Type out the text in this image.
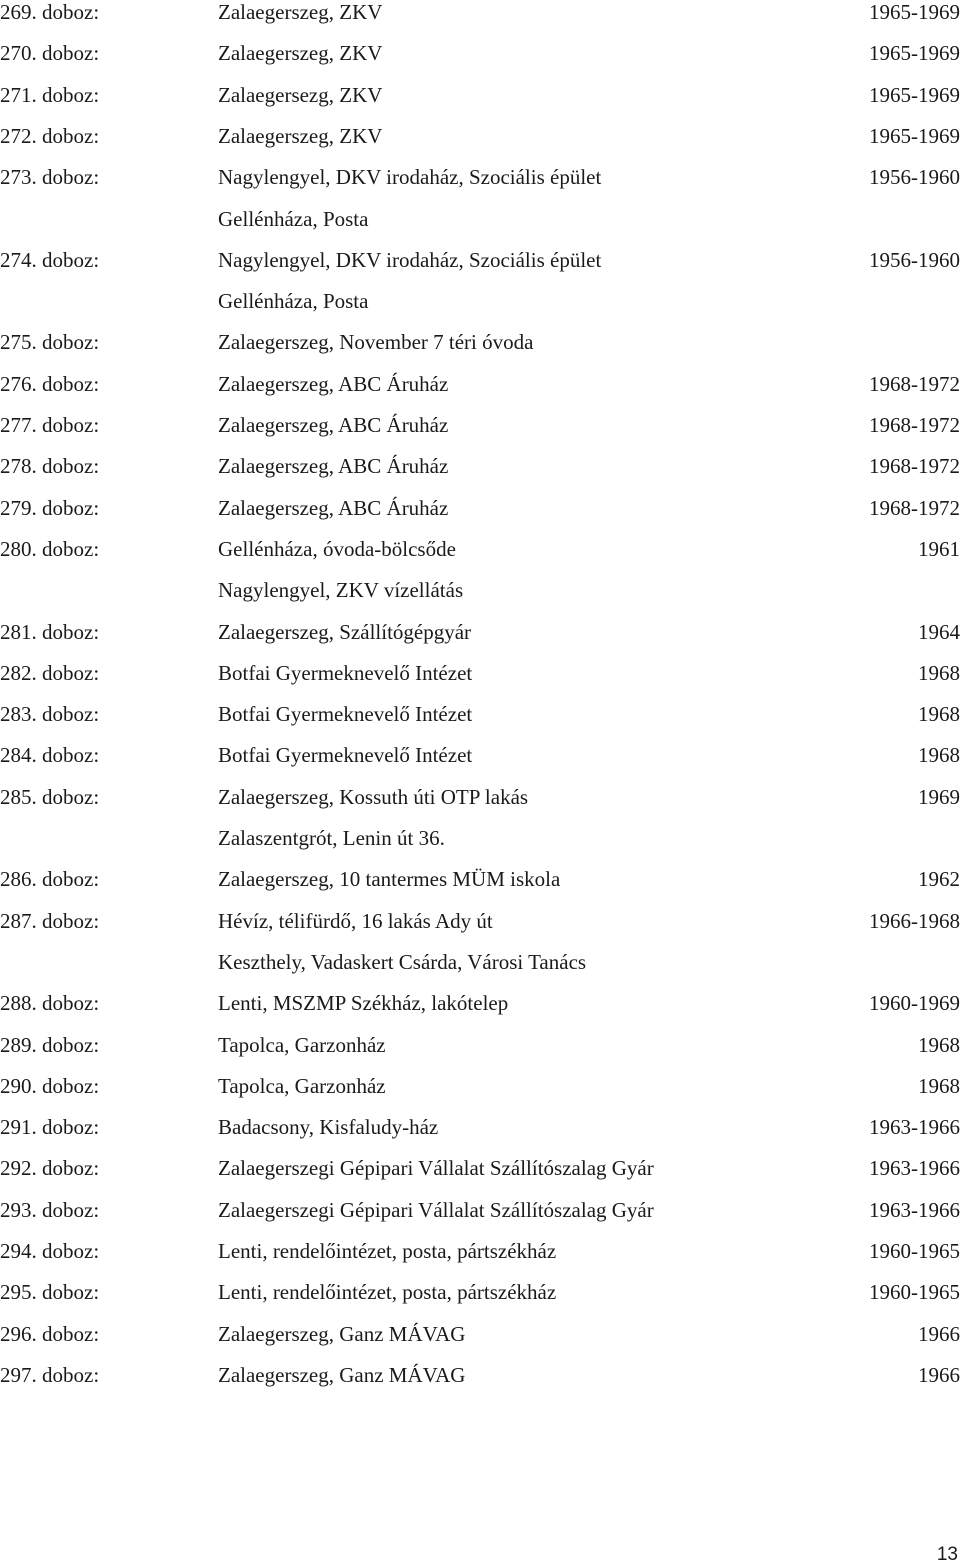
269. doboz:	Zalaegerszeg, ZKV	1965-1969
270. doboz:	Zalaegerszeg, ZKV	1965-1969
271. doboz:	Zalaegersezg, ZKV	1965-1969
272. doboz:	Zalaegerszeg, ZKV	1965-1969
273. doboz:	Nagylengyel, DKV irodaház, Szociális épület	1956-1960
Gellénháza, Posta
274. doboz:	Nagylengyel, DKV irodaház, Szociális épület	1956-1960
Gellénháza, Posta
275. doboz:	Zalaegerszeg, November 7 téri óvoda
276. doboz:	Zalaegerszeg, ABC Áruház	1968-1972
277. doboz:	Zalaegerszeg, ABC Áruház	1968-1972
278. doboz:	Zalaegerszeg, ABC Áruház	1968-1972
279. doboz:	Zalaegerszeg, ABC Áruház	1968-1972
280. doboz:	Gellénháza, óvoda-bölcsőde	1961
Nagylengyel, ZKV vízellátás
281. doboz:	Zalaegerszeg, Szállítógépgyár	1964
282. doboz:	Botfai Gyermeknevelő Intézet	1968
283. doboz:	Botfai Gyermeknevelő Intézet	1968
284. doboz:	Botfai Gyermeknevelő Intézet	1968
285. doboz:	Zalaegerszeg, Kossuth úti OTP lakás	1969
Zalaszentgrót, Lenin út 36.
286. doboz:	Zalaegerszeg, 10 tantermes MÜM iskola	1962
287. doboz:	Hévíz, télifürdő, 16 lakás Ady út	1966-1968
Keszthely, Vadaskert Csárda, Városi Tanács
288. doboz:	Lenti, MSZMP Székház, lakótelep	1960-1969
289. doboz:	Tapolca, Garzonház	1968
290. doboz:	Tapolca, Garzonház	1968
291. doboz:	Badacsony, Kisfaludy-ház	1963-1966
292. doboz:	Zalaegerszegi Gépipari Vállalat Szállítószalag Gyár	1963-1966
293. doboz:	Zalaegerszegi Gépipari Vállalat Szállítószalag Gyár	1963-1966
294. doboz:	Lenti, rendelőintézet, posta, pártszékház	1960-1965
295. doboz:	Lenti, rendelőintézet, posta, pártszékház	1960-1965
296. doboz:	Zalaegerszeg, Ganz MÁVAG	1966
297. doboz:	Zalaegerszeg, Ganz MÁVAG	1966
13
